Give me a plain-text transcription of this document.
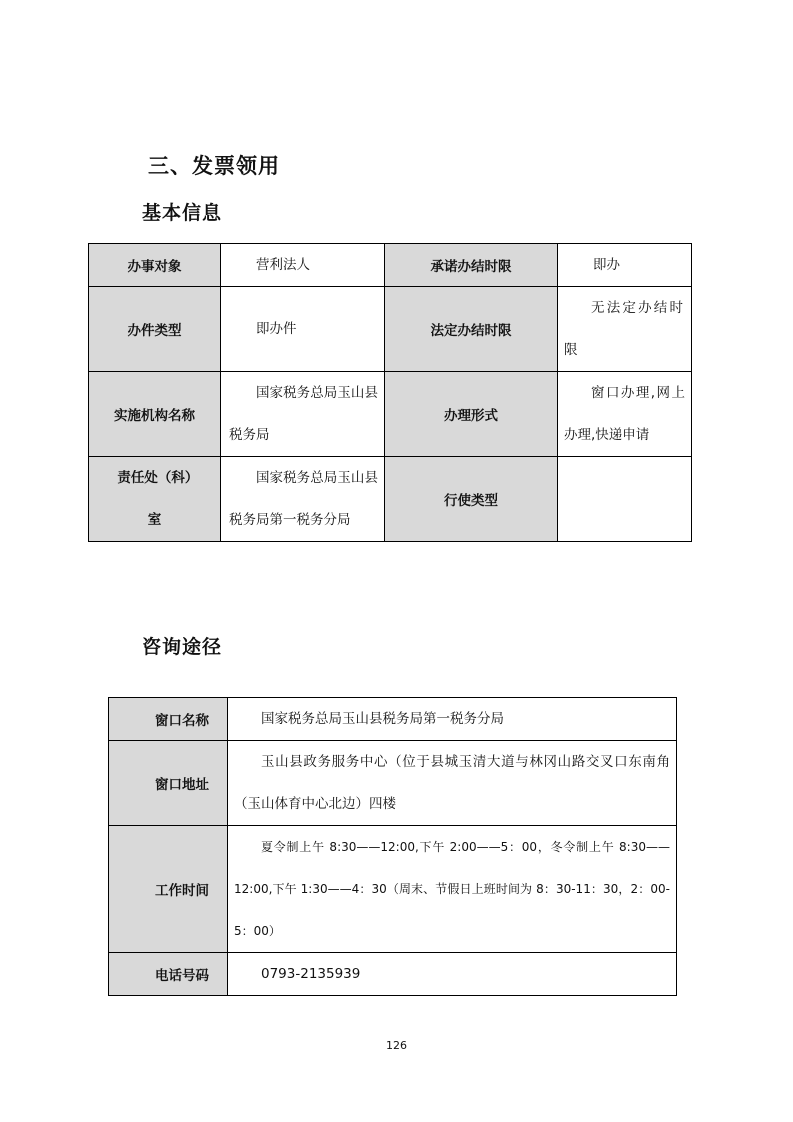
三、发票领用
基本信息
办事对象	营利法人	承诺办结时限	即办
办件类型	即办件	法定办结时限	无法定办结时限
实施机构名称	国家税务总局玉山县税务局	办理形式	窗口办理,网上办理,快递申请
责任处（科）室	国家税务总局玉山县税务局第一税务分局	行使类型	
咨询途径
窗口名称	国家税务总局玉山县税务局第一税务分局
窗口地址	玉山县政务服务中心（位于县城玉清大道与林冈山路交叉口东南角（玉山体育中心北边）四楼
工作时间	夏令制上午 8:30——12:00,下午 2:00——5：00，冬令制上午 8:30——12:00,下午 1:30——4：30（周末、节假日上班时间为 8：30-11：30，2：00-5：00）
电话号码	0793-2135939
126
